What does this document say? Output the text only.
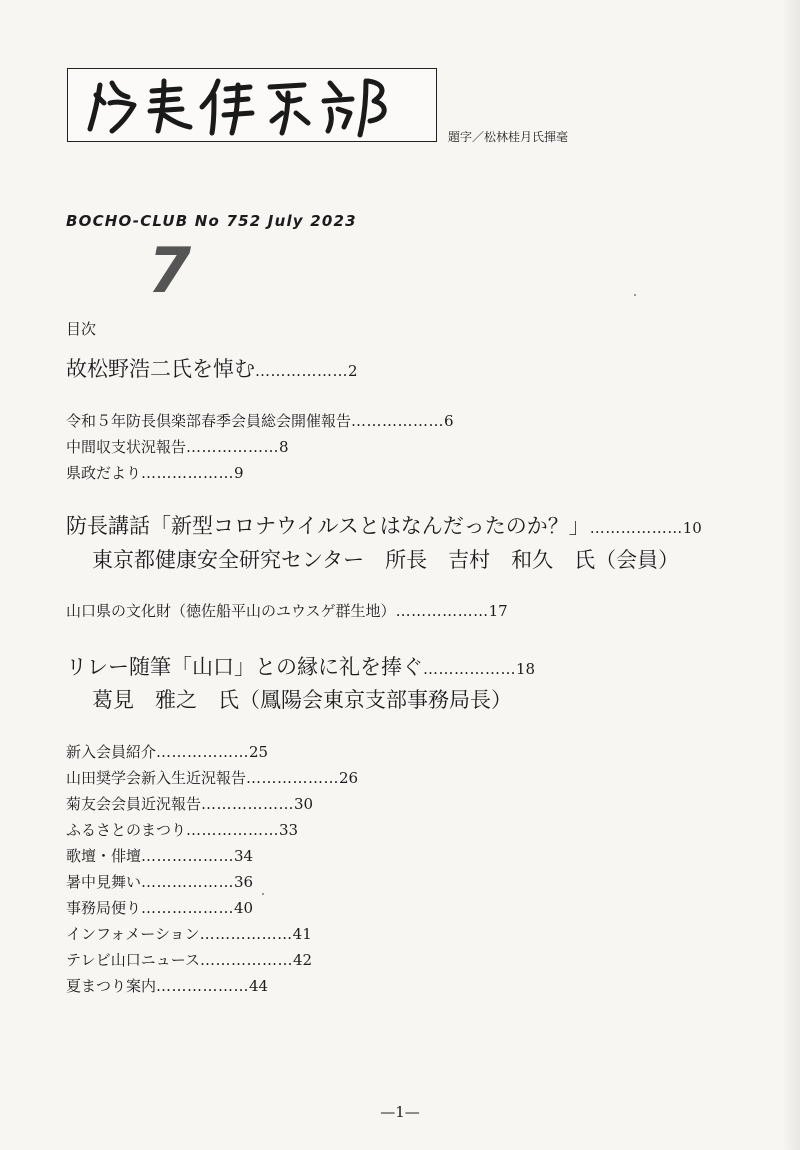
題字／松林桂月氏揮毫
BOCHO-CLUB No 752 July 2023
7
目次
故松野浩二氏を悼む………………2
令和５年防長倶楽部春季会員総会開催報告………………6
中間収支状況報告………………8
県政だより………………9
防長講話「新型コロナウイルスとはなんだったのか？」………………10
東京都健康安全研究センター　所長　吉村　和久　氏（会員）
山口県の文化財（徳佐船平山のユウスゲ群生地）………………17
リレー随筆「山口」との縁に礼を捧ぐ………………18
葛見　雅之　氏（鳳陽会東京支部事務局長）
新入会員紹介………………25
山田奨学会新入生近況報告………………26
菊友会会員近況報告………………30
ふるさとのまつり………………33
歌壇・俳壇………………34
暑中見舞い………………36
事務局便り………………40
インフォメーション………………41
テレビ山口ニュース………………42
夏まつり案内………………44
—1—
